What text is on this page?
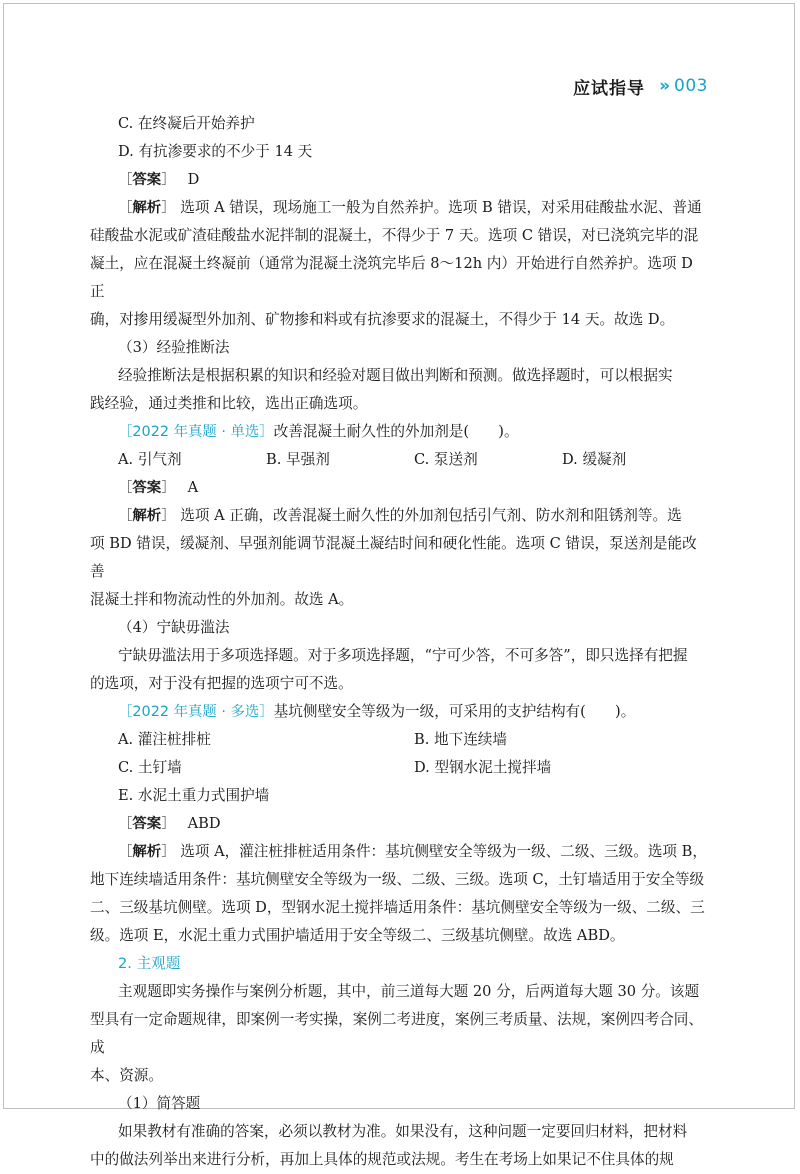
应试指导 » 003

C. 在终凝后开始养护

D. 有抗渗要求的不少于 14 天

［答案］ D

［解析］ 选项 A 错误，现场施工一般为自然养护。选项 B 错误，对采用硅酸盐水泥、普通

硅酸盐水泥或矿渣硅酸盐水泥拌制的混凝土，不得少于 7 天。选项 C 错误，对已浇筑完毕的混

凝土，应在混凝土终凝前（通常为混凝土浇筑完毕后 8～12h 内）开始进行自然养护。选项 D 正

确，对掺用缓凝型外加剂、矿物掺和料或有抗渗要求的混凝土，不得少于 14 天。故选 D。

（3）经验推断法

经验推断法是根据积累的知识和经验对题目做出判断和预测。做选择题时，可以根据实

践经验，通过类推和比较，选出正确选项。

［2022 年真题 · 单选］改善混凝土耐久性的外加剂是(　　)。

A. 引气剂	B. 早强剂	C. 泵送剂	D. 缓凝剂

［答案］ A

［解析］ 选项 A 正确，改善混凝土耐久性的外加剂包括引气剂、防水剂和阻锈剂等。选

项 BD 错误，缓凝剂、早强剂能调节混凝土凝结时间和硬化性能。选项 C 错误，泵送剂是能改善

混凝土拌和物流动性的外加剂。故选 A。

（4）宁缺毋滥法

宁缺毋滥法用于多项选择题。对于多项选择题，“宁可少答，不可多答”，即只选择有把握

的选项，对于没有把握的选项宁可不选。

［2022 年真题 · 多选］基坑侧壁安全等级为一级，可采用的支护结构有(　　)。

A. 灌注桩排桩	B. 地下连续墙
C. 土钉墙	D. 型钢水泥土搅拌墙

E. 水泥土重力式围护墙

［答案］ ABD

［解析］ 选项 A，灌注桩排桩适用条件：基坑侧壁安全等级为一级、二级、三级。选项 B，

地下连续墙适用条件：基坑侧壁安全等级为一级、二级、三级。选项 C，土钉墙适用于安全等级

二、三级基坑侧壁。选项 D，型钢水泥土搅拌墙适用条件：基坑侧壁安全等级为一级、二级、三

级。选项 E，水泥土重力式围护墙适用于安全等级二、三级基坑侧壁。故选 ABD。

2. 主观题

主观题即实务操作与案例分析题，其中，前三道每大题 20 分，后两道每大题 30 分。该题

型具有一定命题规律，即案例一考实操，案例二考进度，案例三考质量、法规，案例四考合同、成

本、资源。

（1）简答题

如果教材有准确的答案，必须以教材为准。如果没有，这种问题一定要回归材料，把材料

中的做法列举出来进行分析，再加上具体的规范或法规。考生在考场上如果记不住具体的规
